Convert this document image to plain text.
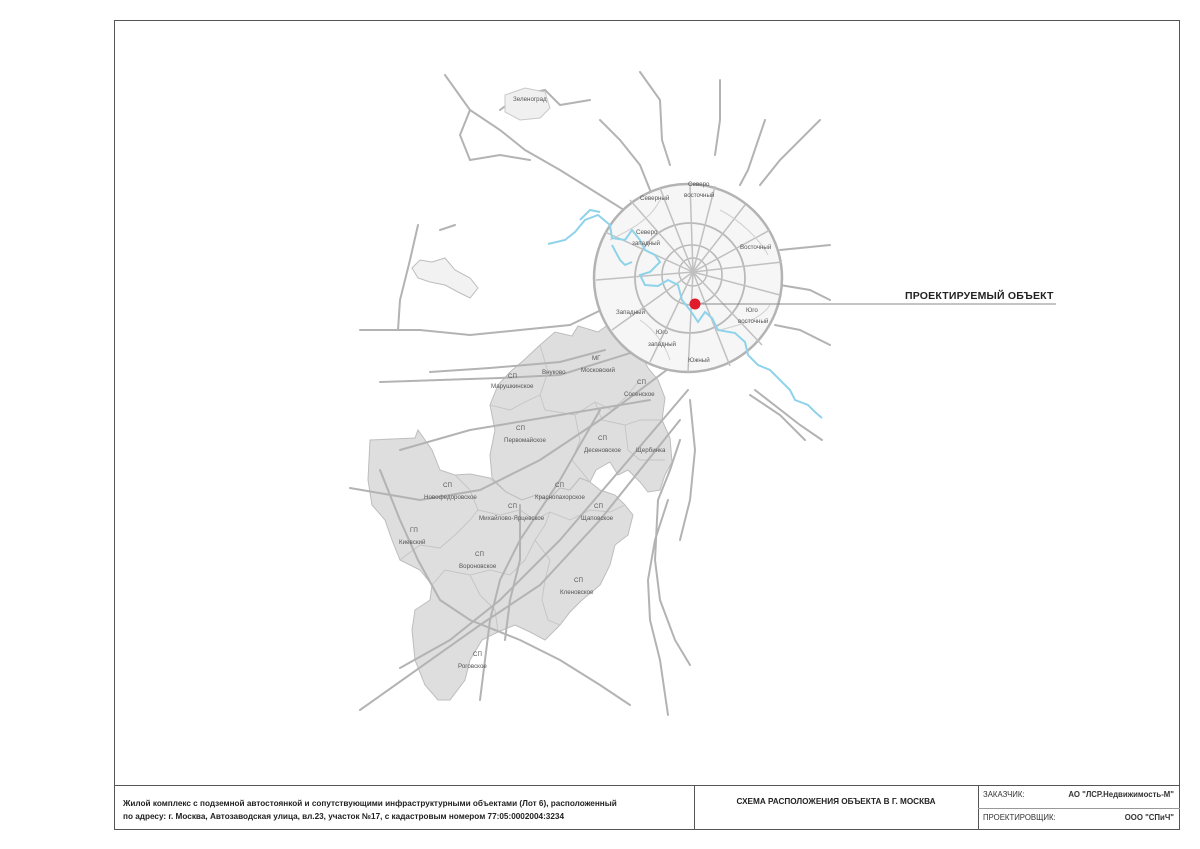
Зеленоград
Северо
восточный
Северный
Северо
западный
Восточный
Западный	Юго
восточный
Юго
западный
Южный
СП
Марушкинское
Внуково
МГ
Московский
СП
Сосенское
СП
Первомайское	СП
Десеновское Щербинка
СП
Новофедоровское
СП
Краснопахорское
СП
Михайлово-Ярцевское
СП
Щаповское
ГП
Киевский
СП
Вороновское
СП
Кленовское
СП
Роговское
ПРОЕКТИРУЕМЫЙ ОБЪЕКТ
Жилой комплекс с подземной автостоянкой и сопутствующими инфраструктурными объектами (Лот 6), расположенный
по адресу: г. Москва, Автозаводская улица, вл.23, участок №17, с кадастровым номером 77:05:0002004:3234
СХЕМА РАСПОЛОЖЕНИЯ ОБЪЕКТА В Г. МОСКВА
ЗАКАЗЧИК:	АО "ЛСР.Недвижимость-М"
ПРОЕКТИРОВЩИК:	ООО "СПиЧ"
